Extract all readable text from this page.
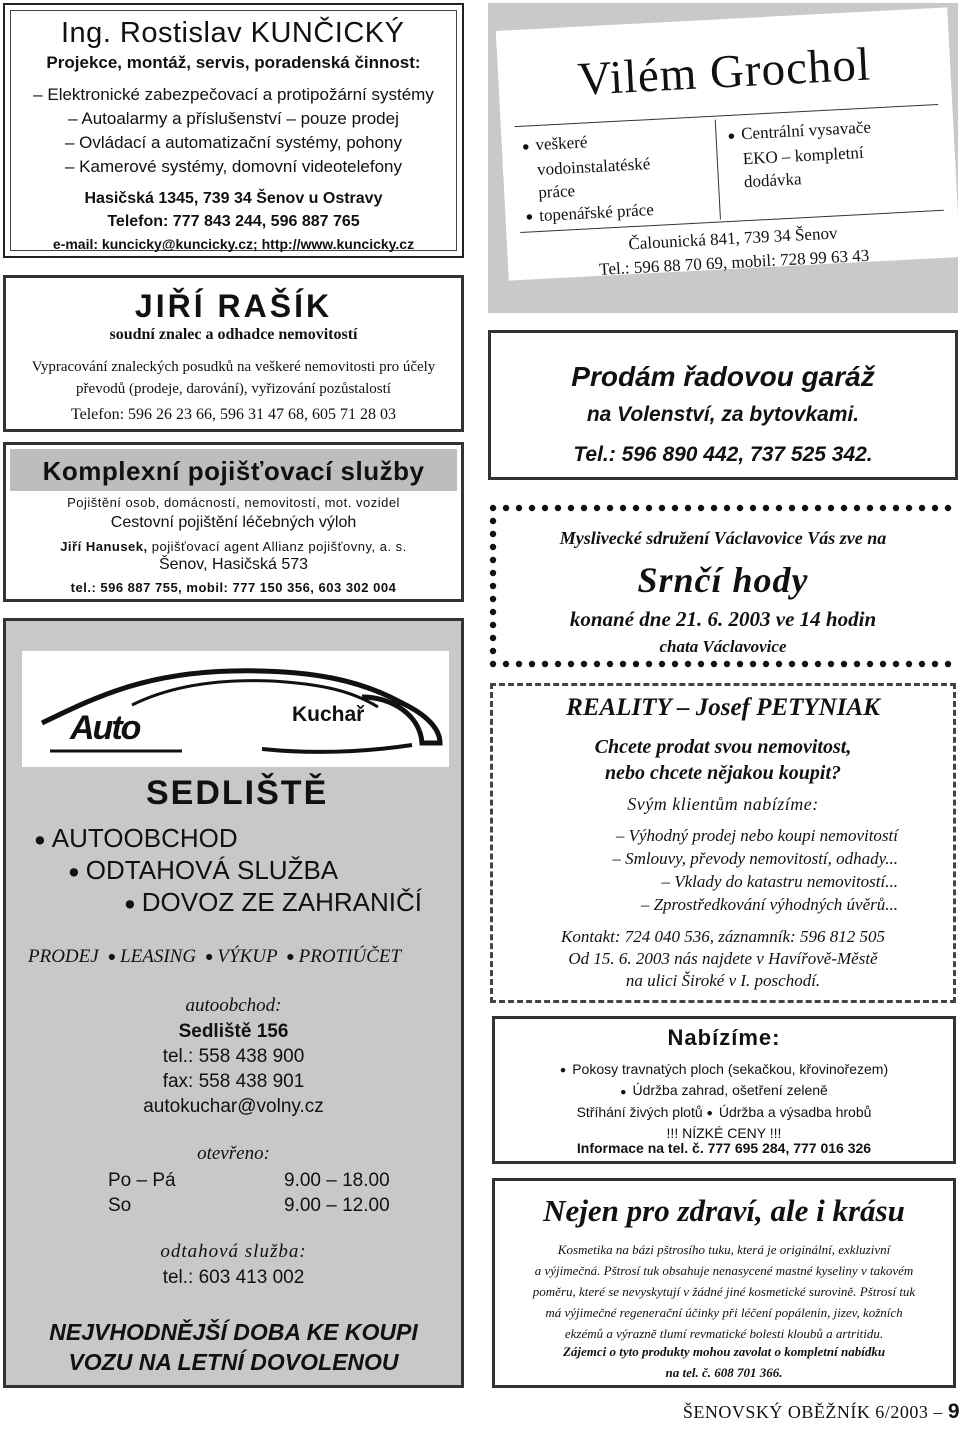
Ing. Rostislav KUNČICKÝ
Projekce, montáž, servis, poradenská činnost:
– Elektronické zabezpečovací a protipožární systémy
– Autoalarmy a příslušenství – pouze prodej
– Ovládací a automatizační systémy, pohony
– Kamerové systémy, domovní videotelefony
Hasičská 1345, 739 34 Šenov u Ostravy
Telefon: 777 843 244, 596 887 765
e-mail: kuncicky@kuncicky.cz; http://www.kuncicky.cz
JIŘÍ RAŠÍK
soudní znalec a odhadce nemovitostí
Vypracování znaleckých posudků na veškeré nemovitosti pro účely
převodů (prodeje, darování), vyřizování pozůstalostí
Telefon: 596 26 23 66, 596 31 47 68, 605 71 28 03
Komplexní pojišťovací služby
Pojištění osob, domácností, nemovitostí, mot. vozidel
Cestovní pojištění léčebných výloh
Jiří Hanusek, pojišťovací agent Allianz pojišťovny, a. s.
Šenov, Hasičská 573
tel.: 596 887 755, mobil: 777 150 356, 603 302 004
Auto	Kuchař
SEDLIŠTĚ
● AUTOOBCHOD
● ODTAHOVÁ SLUŽBA
● DOVOZ ZE ZAHRANIČÍ
PRODEJ ● LEASING ● VÝKUP ● PROTIÚČET
autoobchod:
Sedliště 156
tel.: 558 438 900
fax: 558 438 901
autokuchar@volny.cz
otevřeno:
Po – Pá	9.00 – 18.00
So	9.00 – 12.00
odtahová služba:
tel.: 603 413 002
NEJVHODNĚJŠÍ DOBA KE KOUPI
VOZU NA LETNÍ DOVOLENOU
Vilém Grochol
● veškeré
vodoinstalatéské
práce
● topenářské práce
● Centrální vysavače
EKO – kompletní
dodávka
Čalounická 841, 739 34 Šenov
Tel.: 596 88 70 69, mobil: 728 99 63 43
Prodám řadovou garáž
na Volenství, za bytovkami.
Tel.: 596 890 442, 737 525 342.
Myslivecké sdružení Václavovice Vás zve na
Srnčí hody
konané dne 21. 6. 2003 ve 14 hodin
chata Václavovice
REALITY – Josef PETYNIAK
Chcete prodat svou nemovitost,
nebo chcete nějakou koupit?
Svým klientům nabízíme:
– Výhodný prodej nebo koupi nemovitostí
– Smlouvy, převody nemovitostí, odhady...
– Vklady do katastru nemovitostí...
– Zprostředkování výhodných úvěrů...
Kontakt: 724 040 536, záznamník: 596 812 505
Od 15. 6. 2003 nás najdete v Havířově-Městě
na ulici Široké v I. poschodí.
Nabízíme:
● Pokosy travnatých ploch (sekačkou, křovinořezem)
● Údržba zahrad, ošetření zeleně
Stříhání živých plotů ● Údržba a výsadba hrobů
!!! NÍZKÉ CENY !!!
Informace na tel. č. 777 695 284, 777 016 326
Nejen pro zdraví, ale i krásu
Kosmetika na bázi pštrosího tuku, která je originální, exkluzivní
a výjimečná. Pštrosí tuk obsahuje nenasycené mastné kyseliny v takovém
poměru, které se nevyskytují v žádné jiné kosmetické surovině. Pštrosí tuk
má výjimečné regenerační účinky při léčení popálenin, jizev, kožních
ekzémů a výrazně tlumí revmatické bolesti kloubů a artritidu.
Zájemci o tyto produkty mohou zavolat o kompletní nabídku
na tel. č. 608 701 366.
ŠENOVSKÝ OBĚŽNÍK 6/2003 – 9
